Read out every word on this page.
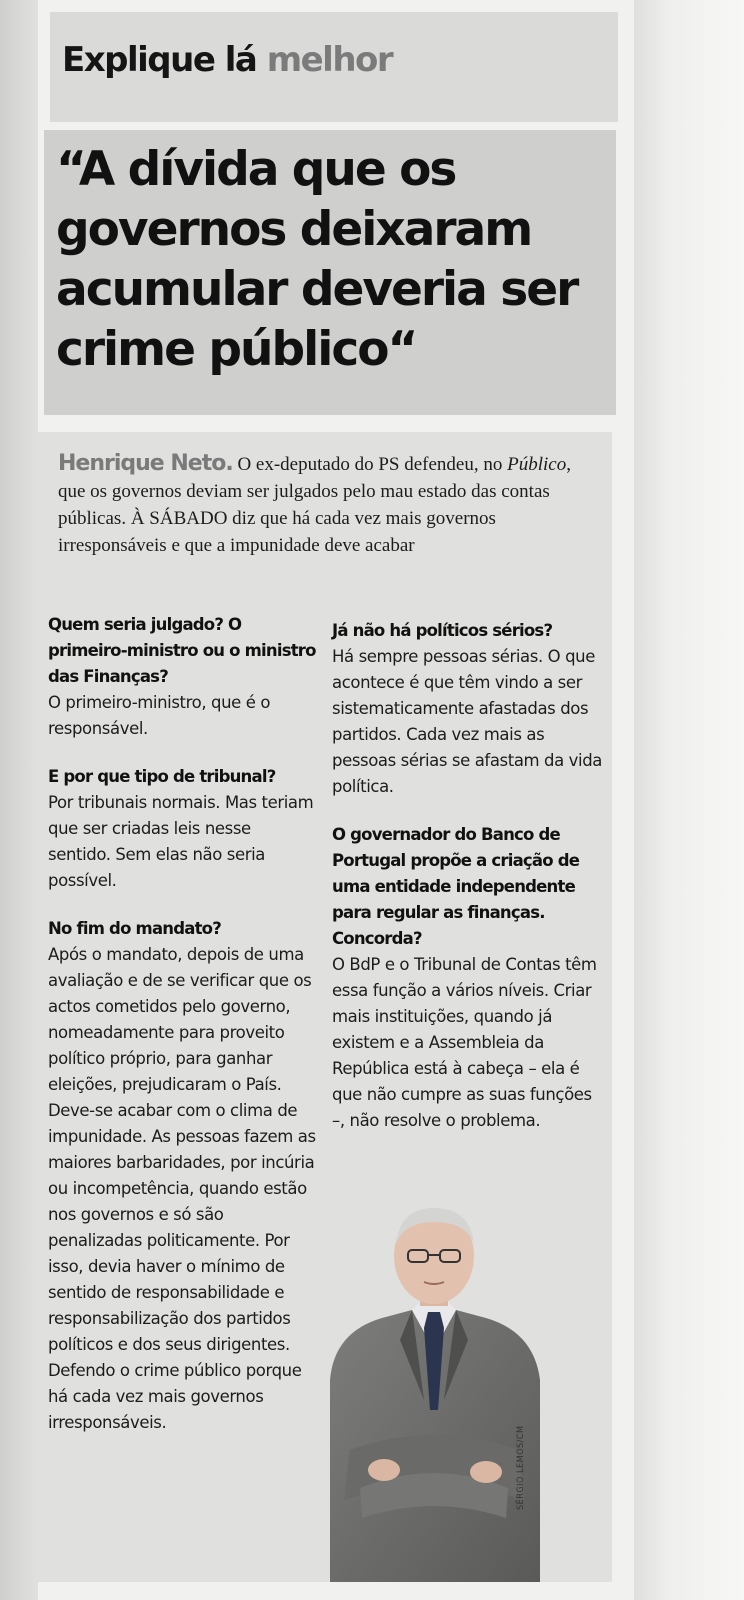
Explique lá melhor
“A dívida que os governos deixaram acumular deveria ser crime público“

Henrique Neto. O ex-deputado do PS defendeu, no Público, que os governos deviam ser julgados pelo mau estado das contas públicas. À SÁBADO diz que há cada vez mais governos irresponsáveis e que a impunidade deve acabar

Quem seria julgado? O primeiro-ministro ou o ministro das Finanças?
O primeiro-ministro, que é o responsável.
E por que tipo de tribunal?
Por tribunais normais. Mas teriam que ser criadas leis nesse sentido. Sem elas não seria possível.
No fim do mandato?
Após o mandato, depois de uma avaliação e de se verificar que os actos cometidos pelo governo, nomeadamente para proveito político próprio, para ganhar eleições, prejudicaram o País. Deve-se acabar com o clima de impunidade. As pessoas fazem as maiores barbaridades, por incúria ou incompetência, quando estão nos governos e só são penalizadas politicamente. Por isso, devia haver o mínimo de sentido de responsabilidade e responsabilização dos partidos políticos e dos seus dirigentes. Defendo o crime público porque há cada vez mais governos irresponsáveis.
Já não há políticos sérios?
Há sempre pessoas sérias. O que acontece é que têm vindo a ser sistematicamente afastadas dos partidos. Cada vez mais as pessoas sérias se afastam da vida política.
O governador do Banco de Portugal propõe a criação de uma entidade independente para regular as finanças. Concorda?
O BdP e o Tribunal de Contas têm essa função a vários níveis. Criar mais instituições, quando já existem e a Assembleia da República está à cabeça – ela é que não cumpre as suas funções –, não resolve o problema.
SÉRGIO LEMOS/CM
